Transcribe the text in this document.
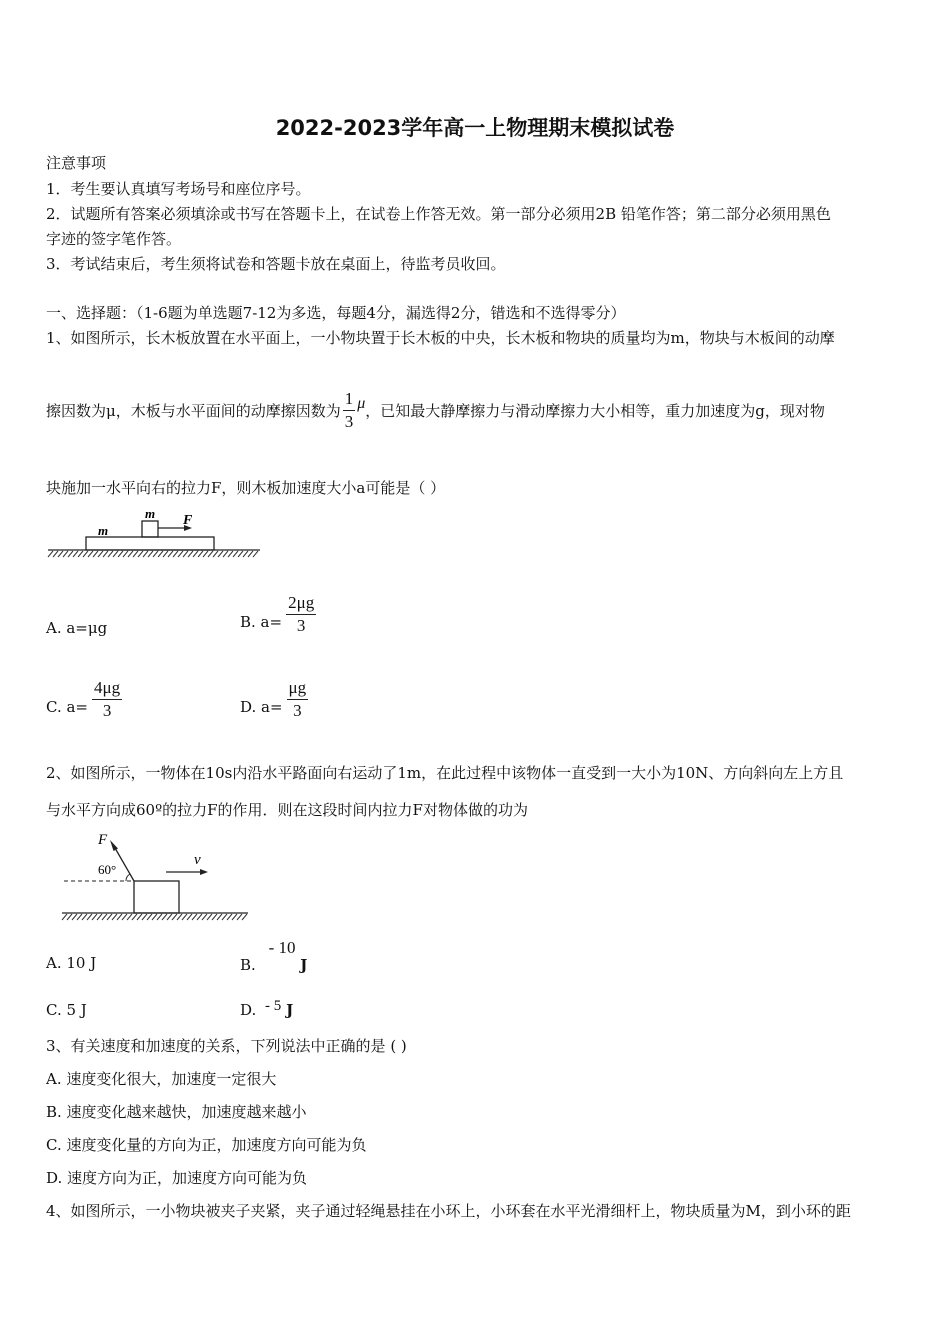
2022-2023学年高一上物理期末模拟试卷
注意事项
1．考生要认真填写考场号和座位序号。
2．试题所有答案必须填涂或书写在答题卡上，在试卷上作答无效。第一部分必须用2B 铅笔作答；第二部分必须用黑色
字迹的签字笔作答。
3．考试结束后，考生须将试卷和答题卡放在桌面上，待监考员收回。
一、选择题：（1-6题为单选题7-12为多选，每题4分，漏选得2分，错选和不选得零分）
1、如图所示，长木板放置在水平面上，一小物块置于长木板的中央，长木板和物块的质量均为m，物块与木板间的动摩
擦因数为μ，木板与水平面间的动摩擦因数为 $\frac{1}{3}$ μ ，已知最大静摩擦力与滑动摩擦力大小相等，重力加速度为g，现对物
块施加一水平向右的拉力F，则木板加速度大小a可能是（ ）
m
m F
A. a=μg	B. $a= \frac{2\mu g}{3}$
C. $a= \frac{4\mu g}{3}$	D. $a= \frac{\mu g}{3}$
2、如图所示，一物体在10s内沿水平路面向右运动了1m，在此过程中该物体一直受到一大小为10N、方向斜向左上方且
与水平方向成60º的拉力F的作用．则在这段时间内拉力F对物体做的功为
F
60°
v
A. 10 J	B. - 10 J
C. 5 J	D. - 5 J
3、有关速度和加速度的关系，下列说法中正确的是 ( )
A. 速度变化很大，加速度一定很大
B. 速度变化越来越快，加速度越来越小
C. 速度变化量的方向为正，加速度方向可能为负
D. 速度方向为正，加速度方向可能为负
4、如图所示，一小物块被夹子夹紧，夹子通过轻绳悬挂在小环上，小环套在水平光滑细杆上，物块质量为M，到小环的距
